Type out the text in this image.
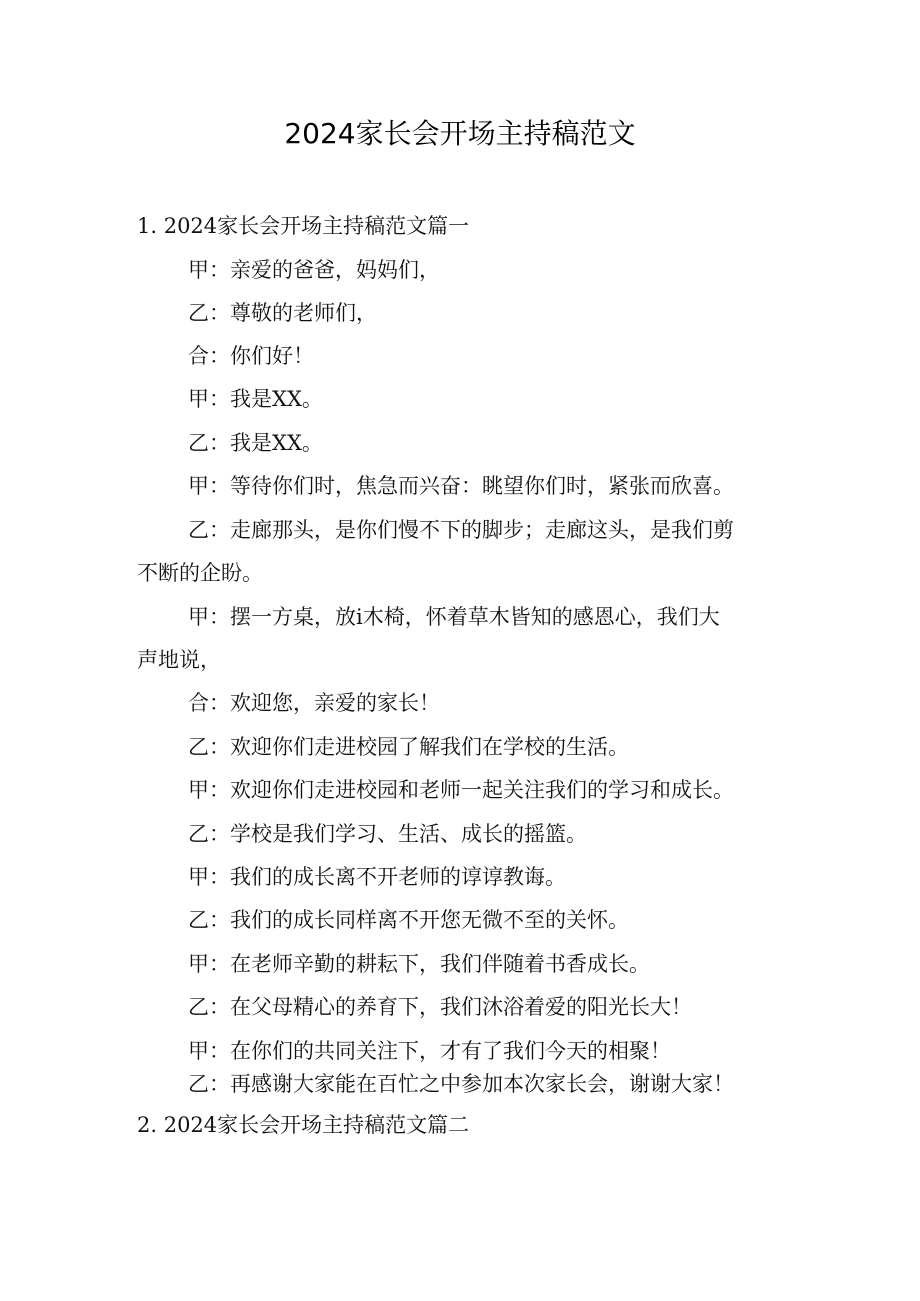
2024家长会开场主持稿范文
1. 2024家长会开场主持稿范文篇一
甲：亲爱的爸爸，妈妈们，
乙：尊敬的老师们，
合：你们好！
甲：我是XX。
乙：我是XX。
甲：等待你们时，焦急而兴奋：眺望你们时，紧张而欣喜。
乙：走廊那头，是你们慢不下的脚步；走廊这头，是我们剪
不断的企盼。
甲：摆一方桌，放i木椅，怀着草木皆知的感恩心，我们大
声地说，
合：欢迎您，亲爱的家长！
乙：欢迎你们走进校园了解我们在学校的生活。
甲：欢迎你们走进校园和老师一起关注我们的学习和成长。
乙：学校是我们学习、生活、成长的摇篮。
甲：我们的成长离不开老师的谆谆教诲。
乙：我们的成长同样离不开您无微不至的关怀。
甲：在老师辛勤的耕耘下，我们伴随着书香成长。
乙：在父母精心的养育下，我们沐浴着爱的阳光长大！
甲：在你们的共同关注下，才有了我们今天的相聚！
乙：再感谢大家能在百忙之中参加本次家长会，谢谢大家！
2. 2024家长会开场主持稿范文篇二
